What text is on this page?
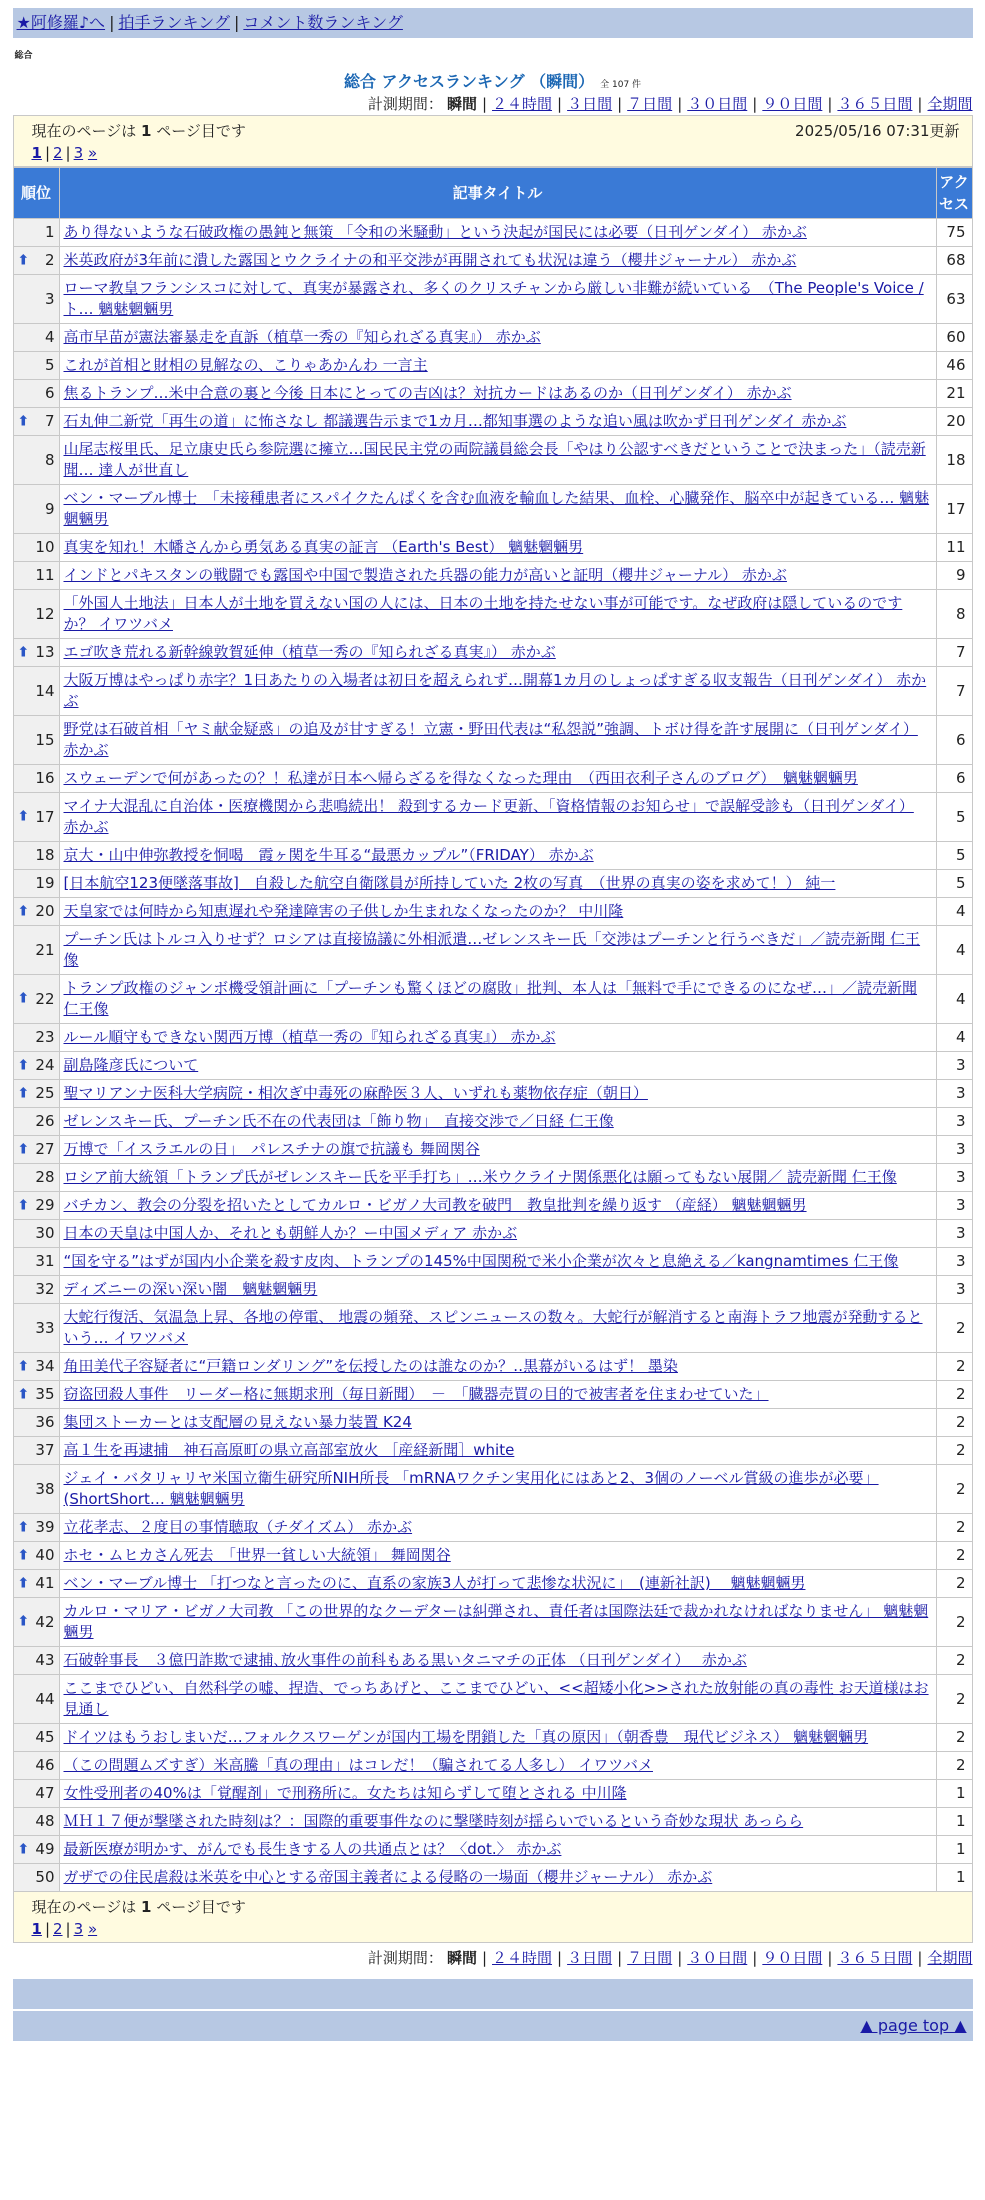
★阿修羅♪へ | 拍手ランキング | コメント数ランキング
総合
総合 アクセスランキング （瞬間） 全 107 件
計測期間： 瞬間 | ２４時間 | ３日間 | ７日間 | ３０日間 | ９０日間 | ３６５日間 | 全期間
現在のページは 1 ページ目です	2025/05/16 07:31更新
1 | 2 | 3 »
順位	記事タイトル	アクセス
1	あり得ないような石破政権の愚鈍と無策 「令和の米騒動」という決起が国民には必要（日刊ゲンダイ） 赤かぶ	75

⬆ 2	米英政府が3年前に潰した露国とウクライナの和平交渉が再開されても状況は違う（櫻井ジャーナル） 赤かぶ	68
3	ローマ教皇フランシスコに対して、真実が暴露され、多くのクリスチャンから厳しい非難が続いている　（The People's Voice / ト… 魑魅魍魎男	63
4	高市早苗が憲法審暴走を直訴（植草一秀の『知られざる真実』） 赤かぶ	60
5	これが首相と財相の見解なの、こりゃあかんわ 一言主	46
6	焦るトランプ…米中合意の裏と今後 日本にとっての吉凶は？対抗カードはあるのか（日刊ゲンダイ） 赤かぶ	21

⬆ 7	石丸伸二新党「再生の道」に怖さなし 都議選告示まで1カ月…都知事選のような追い風は吹かず日刊ゲンダイ 赤かぶ	20
8	山尾志桜里氏、足立康史氏ら参院選に擁立…国民民主党の両院議員総会長「やはり公認すべきだということで決まった」（読売新聞… 達人が世直し	18
9	ベン・マーブル博士　「未接種患者にスパイクたんぱくを含む血液を輸血した結果、血栓、心臓発作、脳卒中が起きている… 魑魅魍魎男	17
10	真実を知れ！木幡さんから勇気ある真実の証言 （Earth's Best） 魑魅魍魎男	11
11	インドとパキスタンの戦闘でも露国や中国で製造された兵器の能力が高いと証明（櫻井ジャーナル） 赤かぶ	9
12	「外国人土地法」日本人が土地を買えない国の人には、日本の土地を持たせない事が可能です。なぜ政府は隠しているのですか？ イワツバメ	8

⬆ 13	エゴ吹き荒れる新幹線敦賀延伸（植草一秀の『知られざる真実』） 赤かぶ	7
14	大阪万博はやっぱり赤字？1日あたりの入場者は初日を超えられず…開幕1カ月のしょっぱすぎる収支報告（日刊ゲンダイ） 赤かぶ	7
15	野党は石破首相「ヤミ献金疑惑」の追及が甘すぎる！立憲・野田代表は“私怨説”強調、トボけ得を許す展開に（日刊ゲンダイ） 赤かぶ	6
16	スウェーデンで何があったの？！私達が日本へ帰らざるを得なくなった理由　（西田衣利子さんのブログ）　魑魅魍魎男	6

⬆ 17	マイナ大混乱に自治体・医療機関から悲鳴続出！ 殺到するカード更新、「資格情報のお知らせ」で誤解受診も（日刊ゲンダイ） 赤かぶ	5
18	京大・山中伸弥教授を恫喝　霞ヶ関を牛耳る“最悪カップル”（FRIDAY） 赤かぶ	5
19	[日本航空123便墜落事故]　自殺した航空自衛隊員が所持していた 2枚の写真　（世界の真実の姿を求めて！） 純一	5

⬆ 20	天皇家では何時から知恵遅れや発達障害の子供しか生まれなくなったのか？ 中川隆	4
21	プーチン氏はトルコ入りせず？ロシアは直接協議に外相派遣…ゼレンスキー氏「交渉はプーチンと行うべきだ」／読売新聞 仁王像	4

⬆ 22	トランプ政権のジャンボ機受領計画に「プーチンも驚くほどの腐敗」批判、本人は「無料で手にできるのになぜ…」／読売新聞 仁王像	4
23	ルール順守もできない関西万博（植草一秀の『知られざる真実』） 赤かぶ	4

⬆ 24	副島隆彦氏について	3

⬆ 25	聖マリアンナ医科大学病院・相次ぎ中毒死の麻酔医３人、いずれも薬物依存症（朝日）	3
26	ゼレンスキー氏、プーチン氏不在の代表団は「飾り物」　直接交渉で／日経 仁王像	3

⬆ 27	万博で「イスラエルの日」　パレスチナの旗で抗議も 舞岡関谷	3
28	ロシア前大統領「トランプ氏がゼレンスキー氏を平手打ち」…米ウクライナ関係悪化は願ってもない展開／ 読売新聞 仁王像	3

⬆ 29	バチカン、教会の分裂を招いたとしてカルロ・ビガノ大司教を破門　教皇批判を繰り返す （産経） 魑魅魍魎男	3
30	日本の天皇は中国人か、それとも朝鮮人か？ー中国メディア 赤かぶ	3
31	“国を守る”はずが国内小企業を殺す皮肉、トランプの145%中国関税で米小企業が次々と息絶える／kangnamtimes 仁王像	3
32	ディズニーの深い深い闇　魑魅魍魎男	3
33	大蛇行復活、気温急上昇、各地の停電、 地震の頻発、スピンニュースの数々。大蛇行が解消すると南海トラフ地震が発動するという… イワツバメ	2

⬆ 34	角田美代子容疑者に“戸籍ロンダリング”を伝授したのは誰なのか？‥黒幕がいるはず！ 墨染	2

⬆ 35	窃盗団殺人事件　リーダー格に無期求刑（毎日新聞）　－　「臓器売買の目的で被害者を住まわせていた」	2
36	集団ストーカーとは支配層の見えない暴力装置 K24	2
37	高１生を再逮捕　神石高原町の県立高部室放火 ［産経新聞］white	2
38	ジェイ・バタリャリヤ米国立衛生研究所NIH所長 「mRNAワクチン実用化にはあと2、3個のノーベル賞級の進歩が必要」 (ShortShort… 魑魅魍魎男	2

⬆ 39	立花孝志、２度目の事情聴取（チダイズム） 赤かぶ	2

⬆ 40	ホセ・ムヒカさん死去　「世界一貧しい大統領」 舞岡関谷	2

⬆ 41	ベン・マーブル博士 「打つなと言ったのに、直系の家族3人が打って悲惨な状況に」　(連新社訳)　 魑魅魍魎男	2

⬆ 42	カルロ・マリア・ビガノ大司教 「この世界的なクーデターは糾弾され、責任者は国際法廷で裁かれなければなりません」 魑魅魍魎男	2
43	石破幹事長　３億円詐欺で逮捕､放火事件の前科もある黒いタニマチの正体 （日刊ゲンダイ）　 赤かぶ	2
44	ここまでひどい、自然科学の嘘、捏造、でっちあげと、ここまでひどい、<<超矮小化>>された放射能の真の毒性 お天道様はお見通し	2
45	ドイツはもうおしまいだ…フォルクスワーゲンが国内工場を閉鎖した「真の原因」（朝香豊　現代ビジネス） 魑魅魍魎男	2
46	（この問題ムズすぎ）米高騰「真の理由」はコレだ！（騙されてる人多し） イワツバメ	2
47	女性受刑者の40%は「覚醒剤」で刑務所に。女たちは知らずして堕とされる 中川隆	1
48	ＭＨ１７便が撃墜された時刻は？：国際的重要事件なのに撃墜時刻が揺らいでいるという奇妙な現状 あっらら	1

⬆ 49	最新医療が明かす、がんでも長生きする人の共通点とは？〈dot.〉 赤かぶ	1
50	ガザでの住民虐殺は米英を中心とする帝国主義者による侵略の一場面（櫻井ジャーナル） 赤かぶ	1
現在のページは 1 ページ目です
1 | 2 | 3 »
計測期間： 瞬間 | ２４時間 | ３日間 | ７日間 | ３０日間 | ９０日間 | ３６５日間 | 全期間
▲ page top ▲
